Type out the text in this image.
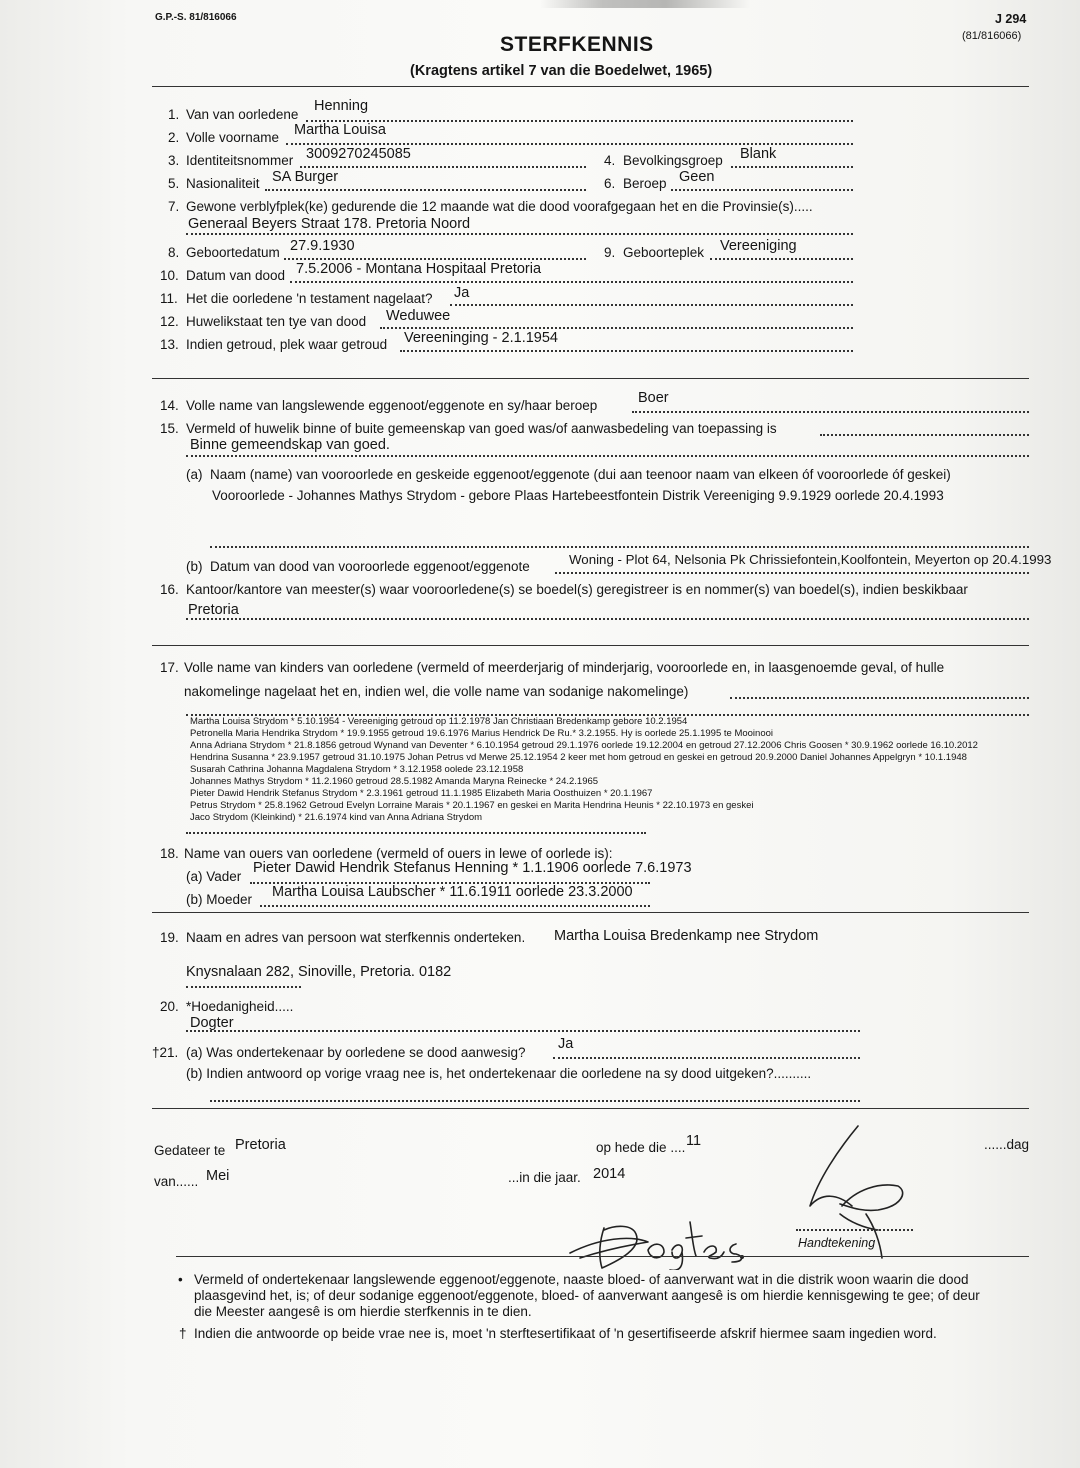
G.P.-S. 81/816066	J 294
(81/816066)
STERFKENNIS
(Kragtens artikel 7 van die Boedelwet, 1965)
1. Van van oorledene
Henning
2. Volle voorname Martha Louisa
3. Identiteitsnommer 3009270245085	4. Bevolkingsgroep Blank
5. Nasionaliteit SA Burger	6. Beroep Geen
7. Gewone verblyfplek(ke) gedurende die 12 maande wat die dood voorafgegaan het en die Provinsie(s).....
Generaal Beyers Straat 178. Pretoria Noord
8. Geboortedatum 27.9.1930	9. Geboorteplek Vereeniging
10. Datum van dood 7.5.2006 - Montana Hospitaal Pretoria
11. Het die oorledene 'n testament nagelaat? Ja
12. Huwelikstaat ten tye van dood Weduwee
13. Indien getroud, plek waar getroud Vereeninging - 2.1.1954
14. Volle name van langslewende eggenoot/eggenote en sy/haar beroep	Boer
15. Vermeld of huwelik binne of buite gemeenskap van goed was/of aanwasbedeling van toepassing is
Binne gemeendskap van goed.
(a) Naam (name) van vooroorlede en geskeide eggenoot/eggenote (dui aan teenoor naam van elkeen óf vooroorlede óf geskei)
Vooroorlede - Johannes Mathys Strydom - gebore Plaas Hartebeestfontein Distrik Vereeniging 9.9.1929 oorlede 20.4.1993
(b) Datum van dood van vooroorlede eggenoot/eggenote	Woning - Plot 64, Nelsonia Pk Chrissiefontein,Koolfontein, Meyerton op 20.4.1993
16. Kantoor/kantore van meester(s) waar vooroorledene(s) se boedel(s) geregistreer is en nommer(s) van boedel(s), indien beskikbaar
Pretoria
17. Volle name van kinders van oorledene (vermeld of meerderjarig of minderjarig, vooroorlede en, in laasgenoemde geval, of hulle
nakomelinge nagelaat het en, indien wel, die volle name van sodanige nakomelinge)
Martha Louisa Strydom * 5.10.1954 - Vereeniging getroud op 11.2.1978 Jan Christiaan Bredenkamp gebore 10.2.1954
Petronella Maria Hendrika Strydom * 19.9.1955 getroud 19.6.1976 Marius Hendrick De Ru.* 3.2.1955. Hy is oorlede 25.1.1995 te Mooinooi
Anna Adriana Strydom * 21.8.1856 getroud Wynand van Deventer * 6.10.1954 getroud 29.1.1976 oorlede 19.12.2004 en getroud 27.12.2006 Chris Goosen * 30.9.1962 oorlede 16.10.2012
Hendrina Susanna * 23.9.1957 getroud 31.10.1975 Johan Petrus vd Merwe 25.12.1954 2 keer met hom getroud en geskei en getroud 20.9.2000 Daniel Johannes Appelgryn * 10.1.1948
Susarah Cathrina Johanna Magdalena Strydom * 3.12.1958 oolede 23.12.1958
Johannes Mathys Strydom * 11.2.1960 getroud 28.5.1982 Amanda Maryna Reinecke * 24.2.1965
Pieter Dawid Hendrik Stefanus Strydom * 2.3.1961 getroud 11.1.1985 Elizabeth Maria Oosthuizen * 20.1.1967
Petrus Strydom * 25.8.1962 Getroud Evelyn Lorraine Marais * 20.1.1967 en geskei en Marita Hendrina Heunis * 22.10.1973 en geskei
Jaco Strydom (Kleinkind) * 21.6.1974 kind van Anna Adriana Strydom
18. Name van ouers van oorledene (vermeld of ouers in lewe of oorlede is):
(a) Vader
Pieter Dawid Hendrik Stefanus Henning * 1.1.1906 oorlede 7.6.1973
(b) Moeder Martha Louisa Laubscher * 11.6.1911 oorlede 23.3.2000
19. Naam en adres van persoon wat sterfkennis onderteken. Martha Louisa Bredenkamp nee Strydom
Knysnalaan 282, Sinoville, Pretoria. 0182
20. *Hoedanigheid.....
Dogter
†21. (a) Was ondertekenaar by oorledene se dood aanwesig?
Ja
(b) Indien antwoord op vorige vraag nee is, het ondertekenaar die oorledene na sy dood uitgeken?..........
Gedateer te Pretoria	op hede die .... 11	......dag
van...... Mei	...in die jaar. 2014
Handtekening
• Vermeld of ondertekenaar langslewende eggenoot/eggenote, naaste bloed- of aanverwant wat in die distrik woon waarin die dood
plaasgevind het, is; of deur sodanige eggenoot/eggenote, bloed- of aanverwant aangesê is om hierdie kennisgewing te gee; of deur
die Meester aangesê is om hierdie sterfkennis in te dien.
† Indien die antwoorde op beide vrae nee is, moet 'n sterftesertifikaat of 'n gesertifiseerde afskrif hiermee saam ingedien word.
